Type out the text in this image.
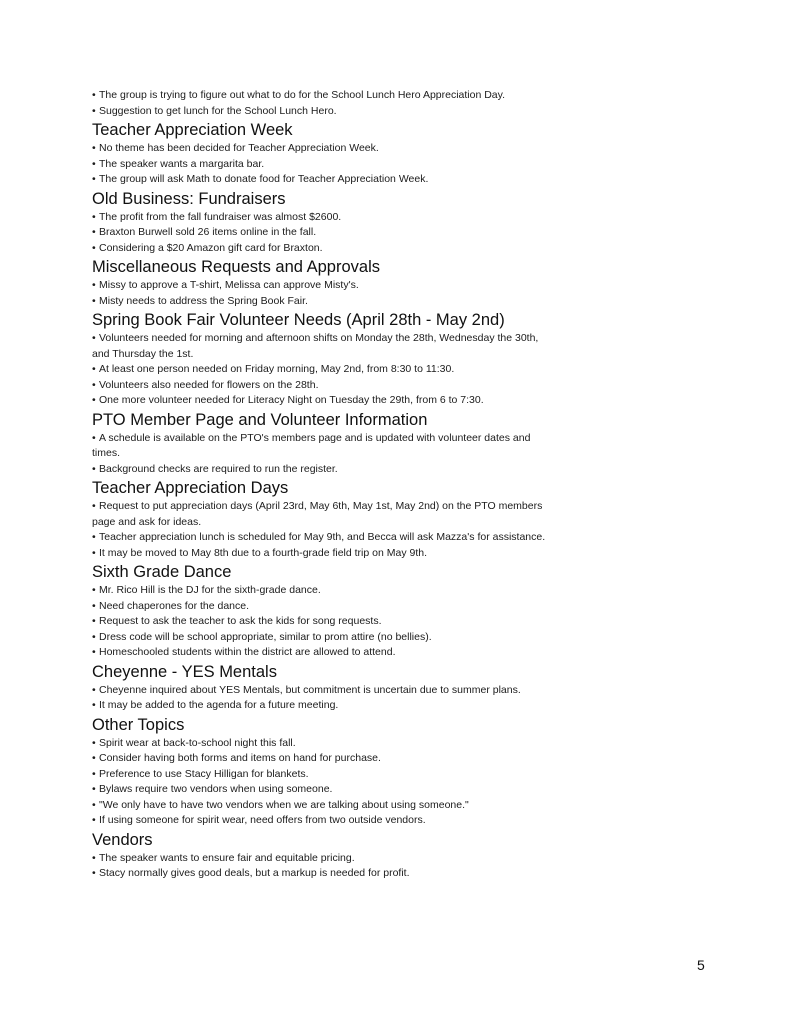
• The group is trying to figure out what to do for the School Lunch Hero Appreciation Day.
• Suggestion to get lunch for the School Lunch Hero.
Teacher Appreciation Week
• No theme has been decided for Teacher Appreciation Week.
• The speaker wants a margarita bar.
• The group will ask Math to donate food for Teacher Appreciation Week.
Old Business: Fundraisers
• The profit from the fall fundraiser was almost $2600.
• Braxton Burwell sold 26 items online in the fall.
• Considering a $20 Amazon gift card for Braxton.
Miscellaneous Requests and Approvals
• Missy to approve a T-shirt, Melissa can approve Misty's.
• Misty needs to address the Spring Book Fair.
Spring Book Fair Volunteer Needs (April 28th - May 2nd)
• Volunteers needed for morning and afternoon shifts on Monday the 28th, Wednesday the 30th, and Thursday the 1st.
• At least one person needed on Friday morning, May 2nd, from 8:30 to 11:30.
• Volunteers also needed for flowers on the 28th.
• One more volunteer needed for Literacy Night on Tuesday the 29th, from 6 to 7:30.
PTO Member Page and Volunteer Information
• A schedule is available on the PTO's members page and is updated with volunteer dates and times.
• Background checks are required to run the register.
Teacher Appreciation Days
• Request to put appreciation days (April 23rd, May 6th, May 1st, May 2nd) on the PTO members page and ask for ideas.
• Teacher appreciation lunch is scheduled for May 9th, and Becca will ask Mazza's for assistance.
• It may be moved to May 8th due to a fourth-grade field trip on May 9th.
Sixth Grade Dance
• Mr. Rico Hill is the DJ for the sixth-grade dance.
• Need chaperones for the dance.
• Request to ask the teacher to ask the kids for song requests.
• Dress code will be school appropriate, similar to prom attire (no bellies).
• Homeschooled students within the district are allowed to attend.
Cheyenne - YES Mentals
• Cheyenne inquired about YES Mentals, but commitment is uncertain due to summer plans.
• It may be added to the agenda for a future meeting.
Other Topics
• Spirit wear at back-to-school night this fall.
• Consider having both forms and items on hand for purchase.
• Preference to use Stacy Hilligan for blankets.
• Bylaws require two vendors when using someone.
• "We only have to have two vendors when we are talking about using someone."
• If using someone for spirit wear, need offers from two outside vendors.
Vendors
• The speaker wants to ensure fair and equitable pricing.
• Stacy normally gives good deals, but a markup is needed for profit.
5
